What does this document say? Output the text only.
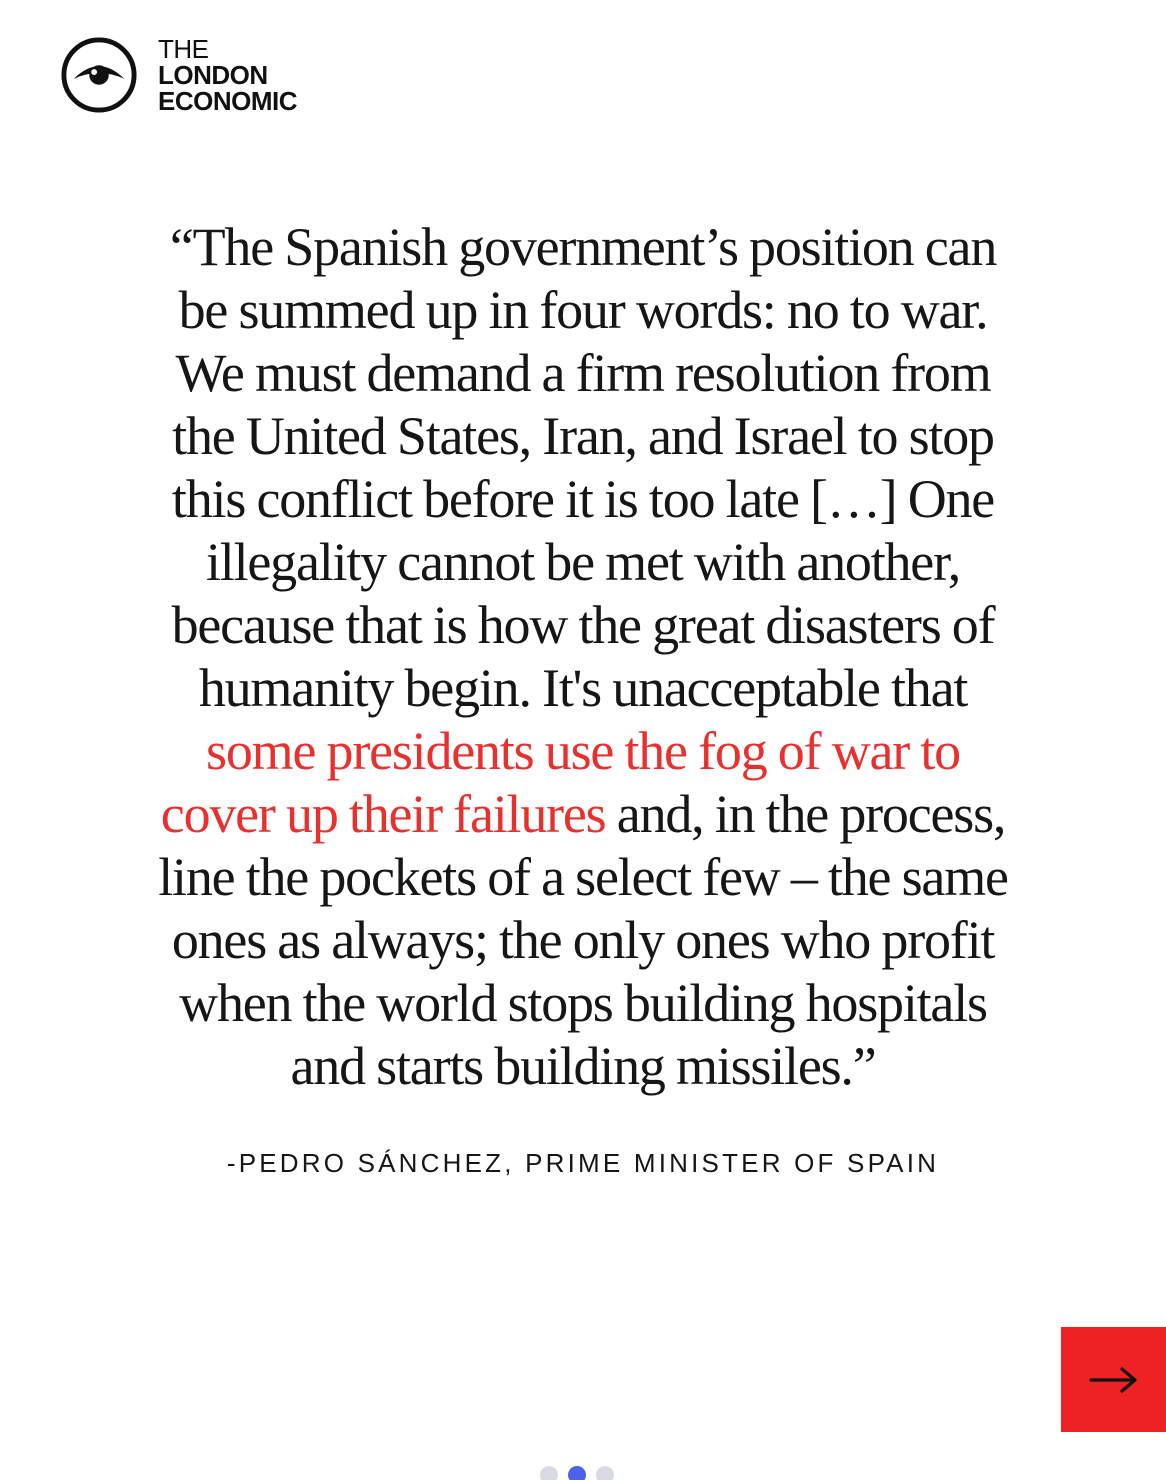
THE
LONDON
ECONOMIC

“The Spanish government’s position can
be summed up in four words: no to war.
We must demand a firm resolution from
the United States, Iran, and Israel to stop
this conflict before it is too late […] One
illegality cannot be met with another,
because that is how the great disasters of
humanity begin. It's unacceptable that
some presidents use the fog of war to
cover up their failures and, in the process,
line the pockets of a select few – the same
ones as always; the only ones who profit
when the world stops building hospitals
and starts building missiles.”

-PEDRO SÁNCHEZ, PRIME MINISTER OF SPAIN
